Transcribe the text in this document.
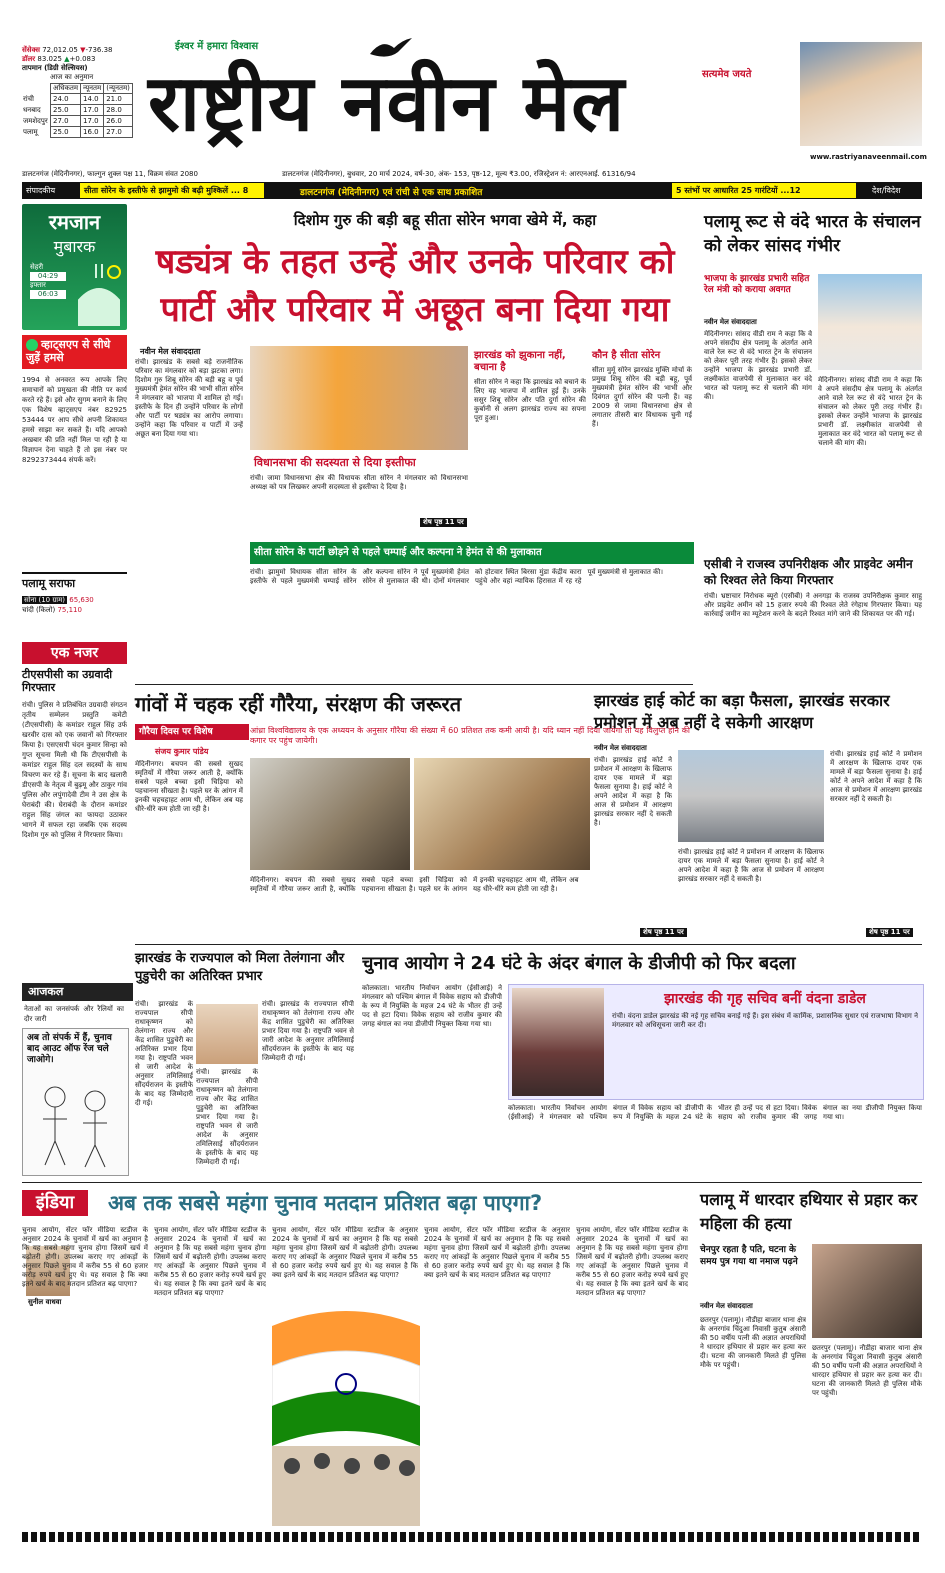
सेंसेक्स 72,012.05 ▼-736.38
डॉलर 83.025 ▲+0.083
तापमान (डिग्री सेल्सियस)
आज का अनुमान
	अधिकतम	न्यूनतम	(न्यूनतम)
रांची	24.0	14.0	21.0
धनबाद	25.0	17.0	28.0
जमशेदपुर	27.0	17.0	26.0
पलामू	25.0	16.0	27.0
ईश्वर में हमारा विश्वास
सत्यमेव जयते
राष्ट्रीय नवीन मेल
www.rastriyanaveenmail.com
डालटनगंज (मेदिनीनगर), फाल्गुन शुक्ल पक्ष 11, विक्रम संवत 2080	डालटनगंज (मेदिनीनगर), बुधवार, 20 मार्च 2024, वर्ष-30, अंक- 153, पृष्ठ-12, मूल्य ₹3.00, रजिस्ट्रेशन नं: आरएनआई. 61316/94
संपादकीय	सीता सोरेन के इस्तीफे से झामुमो की बढ़ी मुश्किलें ... 8	डालटनगंज (मेदिनीनगर) एवं रांची से एक साथ प्रकाशित	5 स्तंभों पर आधारित 25 गारंटियों ...12	देश/विदेश
रमजान
मुबारक
सेहरी
04:29
इफ्तार
06:03
व्हाट्सएप से सीधे जुड़ें हमसे
1994 से अनवरत रूप आपके लिए समाचारों को प्रमुखता की नीति पर कार्य करते रहे हैं। इसे और सुगम बनाने के लिए एक विशेष व्हाट्सएप नंबर 82925 53444 पर आप सीधे अपनी शिकायत हमसे साझा कर सकते हैं। यदि आपको अखबार की प्रति नहीं मिल पा रही है या विज्ञापन देना चाहते हैं तो इस नंबर पर 8292373444 संपर्क करें।
पलामू सराफा
सोना (10 ग्राम) 65,630
चांदी (किलो) 75,110
एक नजर
टीएसपीसी का उग्रवादी गिरफ्तार
रांची। पुलिस ने प्रतिबंधित उग्रवादी संगठन तृतीय सम्मेलन प्रस्तुति कमेटी (टीएसपीसी) के कमांडर राहुल सिंह उर्फ खरवीर दास को एक जवानों को गिरफ्तार किया है। एसएसपी चंदन कुमार सिन्हा को गुप्त सूचना मिली थी कि टीएसपीसी के कमांडर राहुल सिंह दल सदस्यों के साथ विचरण कर रहे हैं। सूचना के बाद खलारी डीएसपी के नेतृत्व में बुढ़मू और ठाकुर गांव पुलिस और लपुंगादेवी टीम ने उस क्षेत्र के घेराबंदी की। घेराबंदी के दौरान कमांडर राहुल सिंह जंगल का फायदा उठाकर भागने में सफल रहा जबकि एक सदस्य दिशोम गुरु को पुलिस ने गिरफ्तार किया।
आजकल
नेताओं का जनसंपर्क और रैलियों का दौर जारी
अब तो संपर्क में हैं, चुनाव बाद आउट ऑफ रेंज चले जाओगे।
दिशोम गुरु की बड़ी बहू सीता सोरेन भगवा खेमे में, कहा
षड्यंत्र के तहत उन्हें और उनके परिवार को पार्टी और परिवार में अछूत बना दिया गया
नवीन मेल संवाददाता
रांची। झारखंड के सबसे बड़े राजनीतिक परिवार का मंगलवार को बड़ा झटका लगा। दिशोम गुरु शिबू सोरेन की बड़ी बहू व पूर्व मुख्यमंत्री हेमंत सोरेन की भाभी सीता सोरेन ने मंगलवार को भाजपा में शामिल हो गई। इस्तीफे के दिन ही उन्होंने परिवार के लोगों और पार्टी पर षड्यंत्र का आरोप लगाया। उन्होंने कहा कि परिवार व पार्टी में उन्हें अछूत बना दिया गया था।
विधानसभा की सदस्यता से दिया इस्तीफा
रांची। जामा विधानसभा क्षेत्र की विधायक सीता सोरेन ने मंगलवार को विधानसभा अध्यक्ष को पत्र लिखकर अपनी सदस्यता से इस्तीफा दे दिया है।
शेष पृष्ठ 11 पर
झारखंड को झुकाना नहीं, बचाना है
सीता सोरेन ने कहा कि झारखंड को बचाने के लिए वह भाजपा में शामिल हुई हैं। उनके ससुर शिबू सोरेन और पति दुर्गा सोरेन की कुर्बानी से अलग झारखंड राज्य का सपना पूरा हुआ।
कौन है सीता सोरेन
सीता मुर्मू सोरेन झारखंड मुक्ति मोर्चा के प्रमुख शिबू सोरेन की बड़ी बहू, पूर्व मुख्यमंत्री हेमंत सोरेन की भाभी और दिवंगत दुर्गा सोरेन की पत्नी हैं। वह 2009 से जामा विधानसभा क्षेत्र से लगातार तीसरी बार विधायक चुनी गई हैं।
सीता सोरेन के पार्टी छोड़ने से पहले चम्पाई और कल्पना ने हेमंत से की मुलाकात
रांची। झामुमो विधायक सीता सोरेन के इस्तीफे से पहले मुख्यमंत्री चम्पाई सोरेन और कल्पना सोरेन ने पूर्व मुख्यमंत्री हेमंत सोरेन से मुलाकात की थी। दोनों मंगलवार को होटवार स्थित बिरसा मुंडा केंद्रीय कारा पहुंचे और वहां न्यायिक हिरासत में रह रहे पूर्व मुख्यमंत्री से मुलाकात की।
पलामू रूट से वंदे भारत के संचालन को लेकर सांसद गंभीर
भाजपा के झारखंड प्रभारी सहित रेल मंत्री को कराया अवगत
नवीन मेल संवाददाता
मेदिनीनगर। सांसद वीडी राम ने कहा कि वे अपने संसदीय क्षेत्र पलामू के अंतर्गत आने वाले रेल रूट से वंदे भारत ट्रेन के संचालन को लेकर पूरी तरह गंभीर हैं। इसको लेकर उन्होंने भाजपा के झारखंड प्रभारी डॉ. लक्ष्मीकांत वाजपेयी से मुलाकात कर वंदे भारत को पलामू रूट से चलाने की मांग की।
मेदिनीनगर। सांसद वीडी राम ने कहा कि वे अपने संसदीय क्षेत्र पलामू के अंतर्गत आने वाले रेल रूट से वंदे भारत ट्रेन के संचालन को लेकर पूरी तरह गंभीर हैं। इसको लेकर उन्होंने भाजपा के झारखंड प्रभारी डॉ. लक्ष्मीकांत वाजपेयी से मुलाकात कर वंदे भारत को पलामू रूट से चलाने की मांग की।
एसीबी ने राजस्व उपनिरीक्षक और प्राइवेट अमीन को रिश्वत लेते किया गिरफ्तार
रांची। भ्रष्टाचार निरोधक ब्यूरो (एसीबी) ने अनगड़ा के राजस्व उपनिरीक्षक कुमार साहु और प्राइवेट अमीन को 15 हजार रुपये की रिश्वत लेते रंगेहाथ गिरफ्तार किया। यह कार्रवाई जमीन का म्यूटेशन करने के बदले रिश्वत मांगे जाने की शिकायत पर की गई।
गांवों में चहक रहीं गौरैया, संरक्षण की जरूरत
गौरैया दिवस पर विशेष	आंध्रा विश्वविद्यालय के एक अध्ययन के अनुसार गौरैया की संख्या में 60 प्रतिशत तक कमी आयी है। यदि ध्यान नहीं दिया जायेगा तो यह विलुप्त होने की कगार पर पहुंच जायेगी।
संजय कुमार पांडेय
मेदिनीनगर। बचपन की सबसे सुखद स्मृतियों में गौरैया जरूर आती है, क्योंकि सबसे पहले बच्चा इसी चिड़िया को पहचानना सीखता है। पहले घर के आंगन में इनकी चहचहाहट आम थी, लेकिन अब यह धीरे-धीरे कम होती जा रही है।
मेदिनीनगर। बचपन की सबसे सुखद स्मृतियों में गौरैया जरूर आती है, क्योंकि सबसे पहले बच्चा इसी चिड़िया को पहचानना सीखता है। पहले घर के आंगन में इनकी चहचहाहट आम थी, लेकिन अब यह धीरे-धीरे कम होती जा रही है।
शेष पृष्ठ 11 पर
झारखंड हाई कोर्ट का बड़ा फैसला, झारखंड सरकार प्रमोशन में अब नहीं दे सकेगी आरक्षण
नवीन मेल संवाददाता
रांची। झारखंड हाई कोर्ट ने प्रमोशन में आरक्षण के खिलाफ दायर एक मामले में बड़ा फैसला सुनाया है। हाई कोर्ट ने अपने आदेश में कहा है कि आज से प्रमोशन में आरक्षण झारखंड सरकार नहीं दे सकती है।
रांची। झारखंड हाई कोर्ट ने प्रमोशन में आरक्षण के खिलाफ दायर एक मामले में बड़ा फैसला सुनाया है। हाई कोर्ट ने अपने आदेश में कहा है कि आज से प्रमोशन में आरक्षण झारखंड सरकार नहीं दे सकती है।
रांची। झारखंड हाई कोर्ट ने प्रमोशन में आरक्षण के खिलाफ दायर एक मामले में बड़ा फैसला सुनाया है। हाई कोर्ट ने अपने आदेश में कहा है कि आज से प्रमोशन में आरक्षण झारखंड सरकार नहीं दे सकती है।
शेष पृष्ठ 11 पर
झारखंड के राज्यपाल को मिला तेलंगाना और पुडुचेरी का अतिरिक्त प्रभार
रांची। झारखंड के राज्यपाल सीपी राधाकृष्णन को तेलंगाना राज्य और केंद्र शासित पुडुचेरी का अतिरिक्त प्रभार दिया गया है। राष्ट्रपति भवन से जारी आदेश के अनुसार तमिलिसाई सौंदर्यराजन के इस्तीफे के बाद यह जिम्मेदारी दी गई।
रांची। झारखंड के राज्यपाल सीपी राधाकृष्णन को तेलंगाना राज्य और केंद्र शासित पुडुचेरी का अतिरिक्त प्रभार दिया गया है। राष्ट्रपति भवन से जारी आदेश के अनुसार तमिलिसाई सौंदर्यराजन के इस्तीफे के बाद यह जिम्मेदारी दी गई।
रांची। झारखंड के राज्यपाल सीपी राधाकृष्णन को तेलंगाना राज्य और केंद्र शासित पुडुचेरी का अतिरिक्त प्रभार दिया गया है। राष्ट्रपति भवन से जारी आदेश के अनुसार तमिलिसाई सौंदर्यराजन के इस्तीफे के बाद यह जिम्मेदारी दी गई।
चुनाव आयोग ने 24 घंटे के अंदर बंगाल के डीजीपी को फिर बदला
कोलकाता। भारतीय निर्वाचन आयोग (ईसीआई) ने मंगलवार को पश्चिम बंगाल में विवेक सहाय को डीजीपी के रूप में नियुक्ति के महज 24 घंटे के भीतर ही उन्हें पद से हटा दिया। विवेक सहाय को राजीव कुमार की जगह बंगाल का नया डीजीपी नियुक्त किया गया था।
झारखंड की गृह सचिव बनीं वंदना डाडेल
रांची। वंदना डाडेल झारखंड की नई गृह सचिव बनाई गई हैं। इस संबंध में कार्मिक, प्रशासनिक सुधार एवं राजभाषा विभाग ने मंगलवार को अधिसूचना जारी कर दी।
कोलकाता। भारतीय निर्वाचन आयोग (ईसीआई) ने मंगलवार को पश्चिम बंगाल में विवेक सहाय को डीजीपी के रूप में नियुक्ति के महज 24 घंटे के भीतर ही उन्हें पद से हटा दिया। विवेक सहाय को राजीव कुमार की जगह बंगाल का नया डीजीपी नियुक्त किया गया था।
इंडिया	अब तक सबसे महंगा चुनाव मतदान प्रतिशत बढ़ा पाएगा?
सुनील वाधवा
चुनाव आयोग, सेंटर फॉर मीडिया स्टडीज के अनुसार 2024 के चुनावों में खर्च का अनुमान है कि यह सबसे महंगा चुनाव होगा जिसमें खर्च में बढ़ोतरी होगी। उपलब्ध कराए गए आंकड़ों के अनुसार पिछले चुनाव में करीब 55 से 60 हजार करोड़ रुपये खर्च हुए थे। यह सवाल है कि क्या इतने खर्च के बाद मतदान प्रतिशत बढ़ पाएगा?
चुनाव आयोग, सेंटर फॉर मीडिया स्टडीज के अनुसार 2024 के चुनावों में खर्च का अनुमान है कि यह सबसे महंगा चुनाव होगा जिसमें खर्च में बढ़ोतरी होगी। उपलब्ध कराए गए आंकड़ों के अनुसार पिछले चुनाव में करीब 55 से 60 हजार करोड़ रुपये खर्च हुए थे। यह सवाल है कि क्या इतने खर्च के बाद मतदान प्रतिशत बढ़ पाएगा?
चुनाव आयोग, सेंटर फॉर मीडिया स्टडीज के अनुसार 2024 के चुनावों में खर्च का अनुमान है कि यह सबसे महंगा चुनाव होगा जिसमें खर्च में बढ़ोतरी होगी। उपलब्ध कराए गए आंकड़ों के अनुसार पिछले चुनाव में करीब 55 से 60 हजार करोड़ रुपये खर्च हुए थे। यह सवाल है कि क्या इतने खर्च के बाद मतदान प्रतिशत बढ़ पाएगा?
चुनाव आयोग, सेंटर फॉर मीडिया स्टडीज के अनुसार 2024 के चुनावों में खर्च का अनुमान है कि यह सबसे महंगा चुनाव होगा जिसमें खर्च में बढ़ोतरी होगी। उपलब्ध कराए गए आंकड़ों के अनुसार पिछले चुनाव में करीब 55 से 60 हजार करोड़ रुपये खर्च हुए थे। यह सवाल है कि क्या इतने खर्च के बाद मतदान प्रतिशत बढ़ पाएगा?
चुनाव आयोग, सेंटर फॉर मीडिया स्टडीज के अनुसार 2024 के चुनावों में खर्च का अनुमान है कि यह सबसे महंगा चुनाव होगा जिसमें खर्च में बढ़ोतरी होगी। उपलब्ध कराए गए आंकड़ों के अनुसार पिछले चुनाव में करीब 55 से 60 हजार करोड़ रुपये खर्च हुए थे। यह सवाल है कि क्या इतने खर्च के बाद मतदान प्रतिशत बढ़ पाएगा?
पलामू में धारदार हथियार से प्रहार कर महिला की हत्या
चेनपुर रहता है पति, घटना के समय पुत्र गया था नमाज पढ़ने
नवीन मेल संवाददाता
छतरपुर (पलामू)। नौडीहा बाजार थाना क्षेत्र के अनरगांव चिंदुआ निवासी कुतुब अंसारी की 50 वर्षीय पत्नी की अज्ञात अपराधियों ने धारदार हथियार से प्रहार कर हत्या कर दी। घटना की जानकारी मिलते ही पुलिस मौके पर पहुंची।
छतरपुर (पलामू)। नौडीहा बाजार थाना क्षेत्र के अनरगांव चिंदुआ निवासी कुतुब अंसारी की 50 वर्षीय पत्नी की अज्ञात अपराधियों ने धारदार हथियार से प्रहार कर हत्या कर दी। घटना की जानकारी मिलते ही पुलिस मौके पर पहुंची।
